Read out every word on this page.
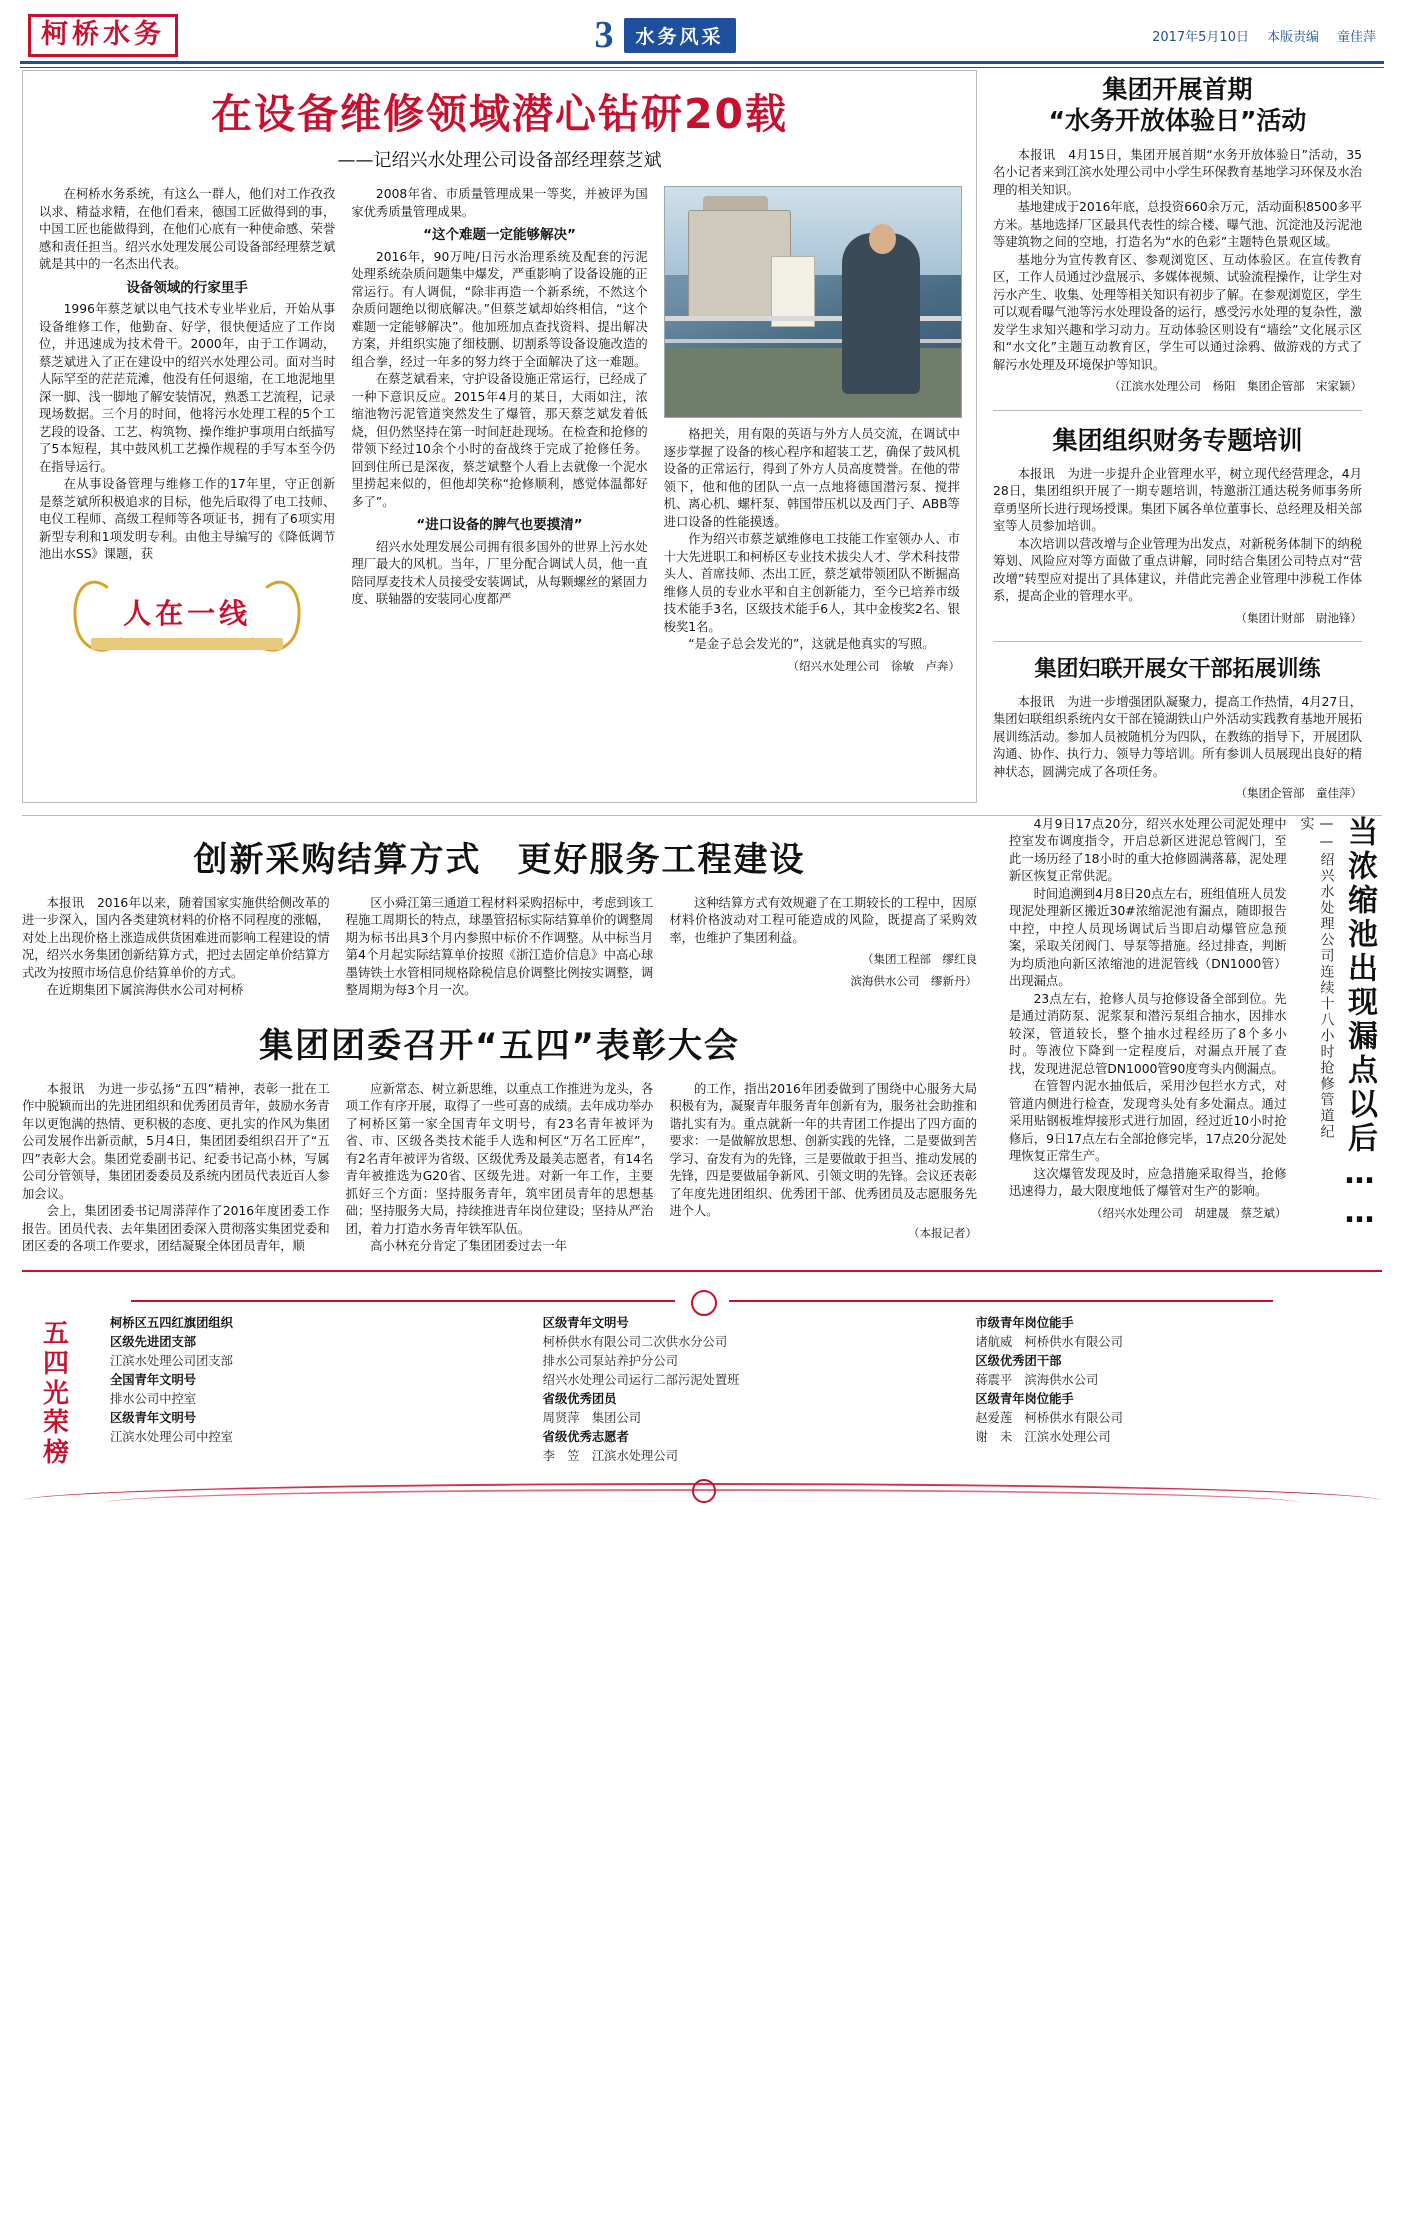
柯桥水务	3	水务风采	2017年5月10日 本版责编 童佳萍
在设备维修领域潜心钻研20载
——记绍兴水处理公司设备部经理蔡芝斌

在柯桥水务系统，有这么一群人，他们对工作孜孜以求、精益求精，在他们看来，德国工匠做得到的事，中国工匠也能做得到，在他们心底有一种使命感、荣誉感和责任担当。绍兴水处理发展公司设备部经理蔡芝斌就是其中的一名杰出代表。

设备领域的行家里手

1996年蔡芝斌以电气技术专业毕业后，开始从事设备维修工作，他勤奋、好学，很快便适应了工作岗位，并迅速成为技术骨干。2000年，由于工作调动，蔡芝斌进入了正在建设中的绍兴水处理公司。面对当时人际罕至的茫茫荒滩，他没有任何退缩，在工地泥地里深一脚、浅一脚地了解安装情况，熟悉工艺流程，记录现场数据。三个月的时间，他将污水处理工程的5个工艺段的设备、工艺、构筑物、操作维护事项用白纸描写了5本短程，其中鼓风机工艺操作规程的手写本至今仍在指导运行。

在从事设备管理与维修工作的17年里，守正创新是蔡芝斌所积极追求的目标，他先后取得了电工技师、电仪工程师、高级工程师等各项证书，拥有了6项实用新型专利和1项发明专利。由他主导编写的《降低调节池出水SS》课题，获

人在一线

2008年省、市质量管理成果一等奖，并被评为国家优秀质量管理成果。

“这个难题一定能够解决”

2016年，90万吨/日污水治理系统及配套的污泥处理系统杂质问题集中爆发，严重影响了设备设施的正常运行。有人调侃，“除非再造一个新系统，不然这个杂质问题绝以彻底解决。”但蔡芝斌却始终相信，“这个难题一定能够解决”。他加班加点查找资料、提出解决方案，并组织实施了细枝删、切割系等设备设施改造的组合拳，经过一年多的努力终于全面解决了这一难题。

在蔡芝斌看来，守护设备设施正常运行，已经成了一种下意识反应。2015年4月的某日，大雨如注，浓缩池物污泥管道突然发生了爆管，那天蔡芝斌发着低烧，但仍然坚持在第一时间赶赴现场。在检查和抢修的带领下经过10余个小时的奋战终于完成了抢修任务。回到住所已是深夜，蔡芝斌整个人看上去就像一个泥水里捞起来似的，但他却笑称“抢修顺利，感觉体温都好多了”。

“进口设备的脾气也要摸清”

绍兴水处理发展公司拥有很多国外的世界上污水处理厂最大的风机。当年，厂里分配合调试人员，他一直陪同厚麦技术人员接受安装调试，从每颗螺丝的紧固力度、联轴器的安装同心度都严

格把关，用有限的英语与外方人员交流，在调试中逐步掌握了设备的核心程序和超装工艺，确保了鼓风机设备的正常运行，得到了外方人员高度赞誉。在他的带领下，他和他的团队一点一点地将德国潜污泵、搅拌机、离心机、螺杆泵、韩国带压机以及西门子、ABB等进口设备的性能摸透。

作为绍兴市蔡芝斌维修电工技能工作室领办人、市十大先进职工和柯桥区专业技术拔尖人才、学术科技带头人、首席技师、杰出工匠，蔡芝斌带领团队不断掘高维修人员的专业水平和自主创新能力，至今已培养市级技术能手3名，区级技术能手6人，其中金梭奖2名、银梭奖1名。

“是金子总会发光的”，这就是他真实的写照。

（绍兴水处理公司　徐敏　卢奔）
集团开展首期
“水务开放体验日”活动

本报讯　4月15日，集团开展首期“水务开放体验日”活动，35名小记者来到江滨水处理公司中小学生环保教育基地学习环保及水治理的相关知识。

基地建成于2016年底，总投资660余万元，活动面积8500多平方米。基地选择厂区最具代表性的综合楼、曝气池、沉淀池及污泥池等建筑物之间的空地，打造名为“水的色彩”主题特色景观区域。

基地分为宣传教育区、参观浏览区、互动体验区。在宣传教育区，工作人员通过沙盘展示、多媒体视频、试验流程操作，让学生对污水产生、收集、处理等相关知识有初步了解。在参观浏览区，学生可以观看曝气池等污水处理设备的运行，感受污水处理的复杂性，激发学生求知兴趣和学习动力。互动体验区则设有“墙绘”文化展示区和“水文化”主题互动教育区，学生可以通过涂鸦、做游戏的方式了解污水处理及环境保护等知识。

（江滨水处理公司　杨阳　集团企管部　宋家颖）
集团组织财务专题培训

本报讯　为进一步提升企业管理水平，树立现代经营理念，4月28日，集团组织开展了一期专题培训，特邀浙江通达税务师事务所章勇坚所长进行现场授课。集团下属各单位董事长、总经理及相关部室等人员参加培训。

本次培训以营改增与企业管理为出发点，对新税务体制下的纳税筹划、风险应对等方面做了重点讲解，同时结合集团公司特点对“营改增”转型应对提出了具体建议，并借此完善企业管理中涉税工作体系，提高企业的管理水平。

（集团计财部　尉池锋）
集团妇联开展女干部拓展训练

本报讯　为进一步增强团队凝聚力，提高工作热情，4月27日，集团妇联组织系统内女干部在镜湖铁山户外活动实践教育基地开展拓展训练活动。参加人员被随机分为四队，在教练的指导下，开展团队沟通、协作、执行力、领导力等培训。所有参训人员展现出良好的精神状态，圆满完成了各项任务。

（集团企管部　童佳萍）
创新采购结算方式　更好服务工程建设

本报讯　2016年以来，随着国家实施供给侧改革的进一步深入，国内各类建筑材料的价格不同程度的涨幅，对处上出现价格上涨造成供货困难进而影响工程建设的情况，绍兴水务集团创新结算方式，把过去固定单价结算方式改为按照市场信息价结算单价的方式。

在近期集团下属滨海供水公司对柯桥

区小舜江第三通道工程材料采购招标中，考虑到该工程施工周期长的特点，球墨管招标实际结算单价的调整周期为标书出具3个月内参照中标价不作调整。从中标当月第4个月起实际结算单价按照《浙江造价信息》中高心球墨铸铁土水管相同规格除税信息价调整比例按实调整，调整周期为每3个月一次。

这种结算方式有效规避了在工期较长的工程中，因原材料价格波动对工程可能造成的风险，既提高了采购效率，也维护了集团利益。

（集团工程部　缪红良
滨海供水公司　缪新丹）
集团团委召开“五四”表彰大会

本报讯　为进一步弘扬“五四”精神，表彰一批在工作中脱颖而出的先进团组织和优秀团员青年，鼓励水务青年以更饱满的热情、更积极的态度、更扎实的作风为集团公司发展作出新贡献，5月4日，集团团委组织召开了“五四”表彰大会。集团党委副书记、纪委书记高小林，写属公司分管领导，集团团委委员及系统内团员代表近百人参加会议。

会上，集团团委书记周漭萍作了2016年度团委工作报告。团员代表、去年集团团委深入贯彻落实集团党委和团区委的各项工作要求，团结凝聚全体团员青年，顺

应新常态、树立新思维，以重点工作推进为龙头，各项工作有序开展，取得了一些可喜的成绩。去年成功举办了柯桥区第一家全国青年文明号，有23名青年被评为省、市、区级各类技术能手人选和柯区“万名工匠库”，有2名青年被评为省级、区级优秀及最美志愿者，有14名青年被推选为G20省、区级先进。对新一年工作，主要抓好三个方面：坚持服务青年，筑牢团员青年的思想基础；坚持服务大局，持续推进青年岗位建设；坚持从严治团，着力打造水务青年铁军队伍。

高小林充分肯定了集团团委过去一年

的工作，指出2016年团委做到了围绕中心服务大局积极有为，凝聚青年服务青年创新有为，服务社会助推和谐扎实有为。重点就新一年的共青团工作提出了四方面的要求：一是做解放思想、创新实践的先锋，二是要做到苦学习、奋发有为的先锋，三是要做敢于担当、推动发展的先锋，四是要做届争新风、引领文明的先锋。会议还表彰了年度先进团组织、优秀团干部、优秀团员及志愿服务先进个人。

（本报记者）

4月9日17点20分，绍兴水处理公司泥处理中控室发布调度指令，开启总新区进泥总管阀门，至此一场历经了18小时的重大抢修圆满落幕，泥处理新区恢复正常供泥。

时间追溯到4月8日20点左右，班组值班人员发现泥处理新区搬近30#浓缩泥池有漏点，随即报告中控，中控人员现场调试后当即启动爆管应急预案，采取关闭阀门、导泵等措施。经过排查，判断为均质池向新区浓缩池的进泥管线（DN1000管）出现漏点。

23点左右，抢修人员与抢修设备全部到位。先是通过消防泵、泥浆泵和潜污泵组合抽水，因排水较深，管道较长，整个抽水过程经历了8个多小时。等液位下降到一定程度后，对漏点开展了查找，发现进泥总管DN1000管90度弯头内侧漏点。

在管智内泥水抽低后，采用沙包拦水方式，对管道内侧进行检查，发现弯头处有多处漏点。通过采用贴钢板堆焊接形式进行加固，经过近10小时抢修后，9日17点左右全部抢修完毕，17点20分泥处理恢复正常生产。

这次爆管发现及时，应急措施采取得当，抢修迅速得力，最大限度地低了爆管对生产的影响。

（绍兴水处理公司　胡建晟　蔡芝斌）
——绍兴水处理公司连续十八小时抢修管道纪实 当浓缩池出现漏点以后……
五
四
光
荣
榜
柯桥区五四红旗团组织
区级先进团支部
江滨水处理公司团支部
全国青年文明号
排水公司中控室
区级青年文明号
江滨水处理公司中控室
区级青年文明号
柯桥供水有限公司二次供水分公司
排水公司泵站养护分公司
绍兴水处理公司运行二部污泥处置班
省级优秀团员
周贤萍　集团公司
省级优秀志愿者
李　笠　江滨水处理公司
市级青年岗位能手
诸航威　柯桥供水有限公司
区级优秀团干部
蒋震平　滨海供水公司
区级青年岗位能手
赵爱莲　柯桥供水有限公司
谢　未　江滨水处理公司
